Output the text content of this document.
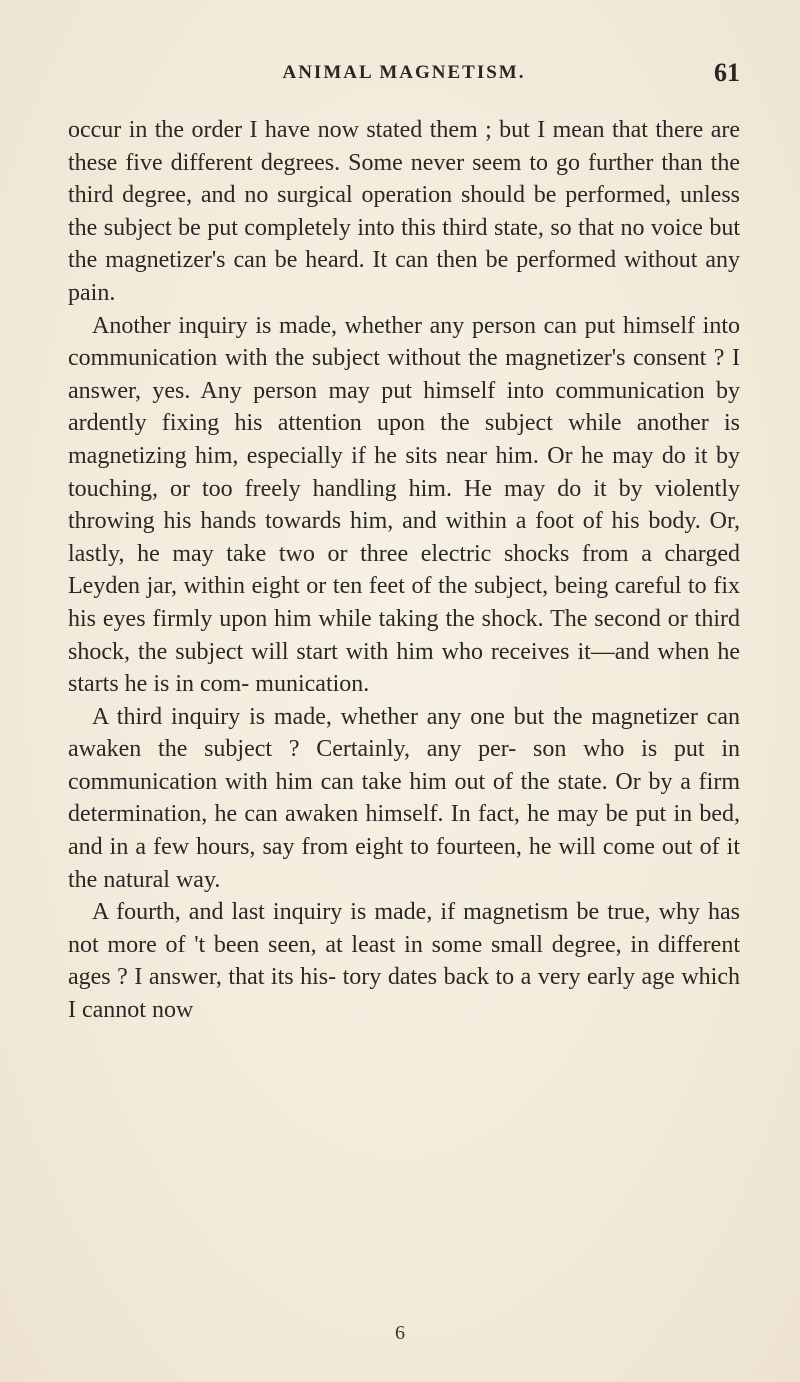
ANIMAL MAGNETISM.	61

occur in the order I have now stated them ; but I mean that there are these five different degrees. Some never seem to go further than the third degree, and no surgical operation should be performed, unless the subject be put completely into this third state, so that no voice but the magnetizer's can be heard. It can then be performed without any pain.

Another inquiry is made, whether any person can put himself into communication with the subject without the magnetizer's consent ? I answer, yes. Any person may put himself into communication by ardently fixing his attention upon the subject while another is magnetizing him, especially if he sits near him. Or he may do it by touching, or too freely handling him. He may do it by violently throwing his hands towards him, and within a foot of his body. Or, lastly, he may take two or three electric shocks from a charged Leyden jar, within eight or ten feet of the subject, being careful to fix his eyes firmly upon him while taking the shock. The second or third shock, the subject will start with him who receives it—and when he starts he is in com- munication.

A third inquiry is made, whether any one but the magnetizer can awaken the subject ? Certainly, any per- son who is put in communication with him can take him out of the state. Or by a firm determination, he can awaken himself. In fact, he may be put in bed, and in a few hours, say from eight to fourteen, he will come out of it the natural way.

A fourth, and last inquiry is made, if magnetism be true, why has not more of 't been seen, at least in some small degree, in different ages ? I answer, that its his- tory dates back to a very early age which I cannot now

6
